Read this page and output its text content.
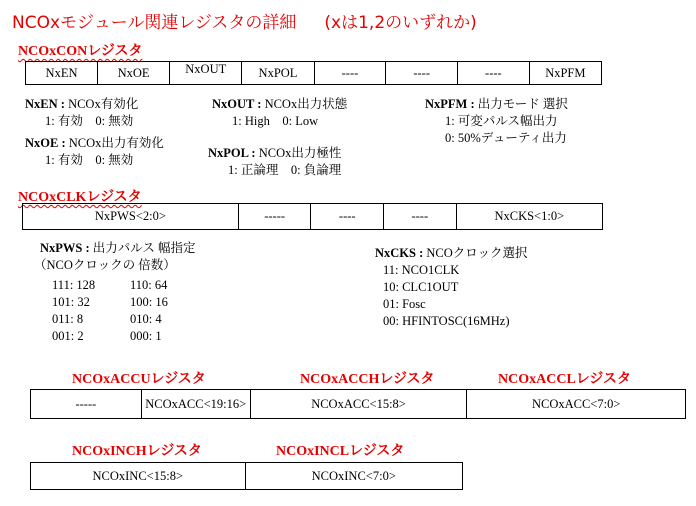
NCOxモジュール関連レジスタの詳細 (xは1,2のいずれか)
NCOxCONレジスタ
NxEN	NxOE	NxOUT	NxPOL	----	----	----	NxPFM
NxEN : NCOx有効化
1: 有効　0: 無効
NxOE : NCOx出力有効化
1: 有効　0: 無効
NxOUT : NCOx出力状態
1: High　0: Low
NxPOL : NCOx出力極性
1: 正論理　0: 負論理
NxPFM : 出力モード 選択
1: 可変パルス幅出力
0: 50%デューティ出力
NCOxCLKレジスタ
NxPWS<2:0>	-----	----	----	NxCKS<1:0>
NxPWS : 出力パルス 幅指定
（NCOクロックの 倍数）
111: 128	110: 64
101: 32	100: 16
011: 8	010: 4
001: 2	000: 1
NxCKS : NCOクロック選択
11: NCO1CLK
10: CLC1OUT
01: Fosc
00: HFINTOSC(16MHz)
NCOxACCUレジスタ	NCOxACCHレジスタ	NCOxACCLレジスタ
-----	NCOxACC<19:16>	NCOxACC<15:8>	NCOxACC<7:0>
NCOxINCHレジスタ	NCOxINCLレジスタ
NCOxINC<15:8>	NCOxINC<7:0>
